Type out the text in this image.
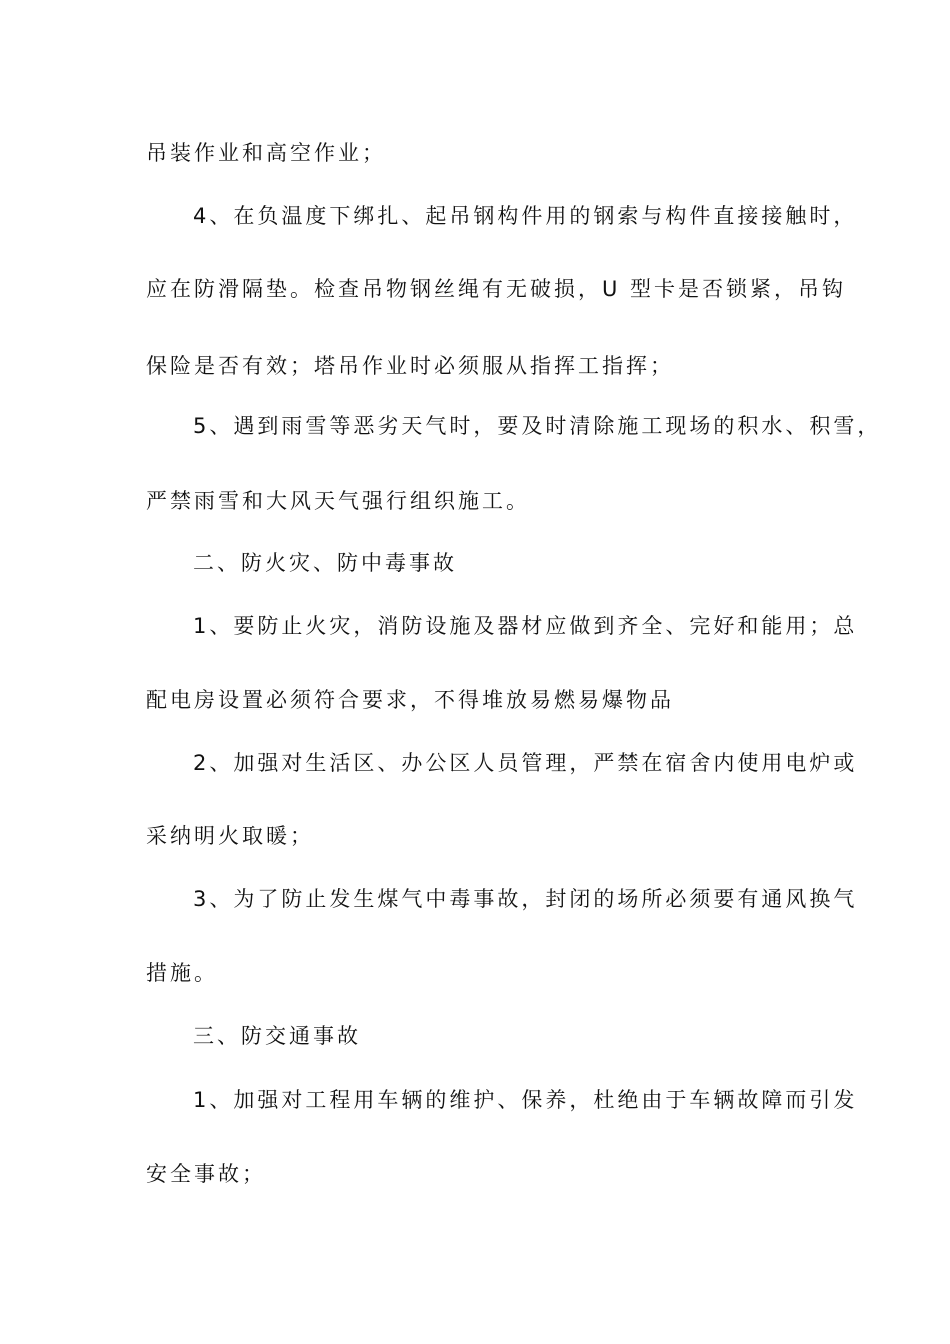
吊装作业和高空作业；
4、在负温度下绑扎、起吊钢构件用的钢索与构件直接接触时，
应在防滑隔垫。检查吊物钢丝绳有无破损，U 型卡是否锁紧，吊钩
保险是否有效；塔吊作业时必须服从指挥工指挥；
5、遇到雨雪等恶劣天气时，要及时清除施工现场的积水、积雪，
严禁雨雪和大风天气强行组织施工。
二、防火灾、防中毒事故
1、要防止火灾，消防设施及器材应做到齐全、完好和能用；总
配电房设置必须符合要求，不得堆放易燃易爆物品
2、加强对生活区、办公区人员管理，严禁在宿舍内使用电炉或
采纳明火取暖；
3、为了防止发生煤气中毒事故，封闭的场所必须要有通风换气
措施。
三、防交通事故
1、加强对工程用车辆的维护、保养，杜绝由于车辆故障而引发
安全事故；
